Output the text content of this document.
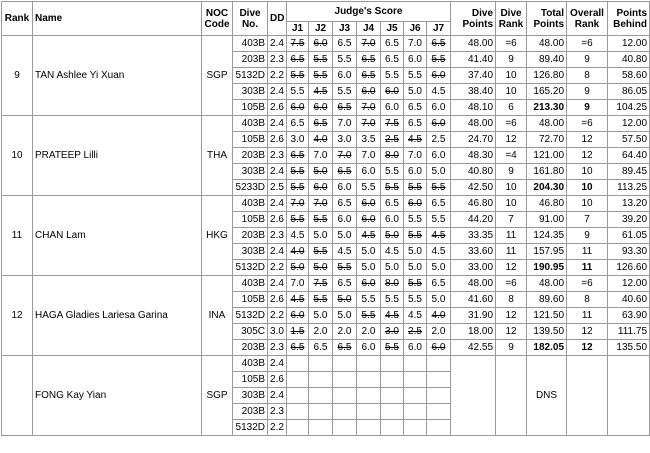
Rank	Name	NOC Code	Dive No.	DD	Judge's Score							Dive Points	Dive Rank	Total Points	Overall Rank	Points Behind
					J1	J2	J3	J4	J5	J6	J7					
9	TAN Ashlee Yi Xuan	SGP	403B	2.4	7.5	6.0	6.5	7.0	6.5	7.0	6.5	48.00	=6	48.00	=6	12.00
			203B	2.3	6.5	5.5	5.5	6.5	6.5	6.0	5.5	41.40	9	89.40	9	40.80
			5132D	2.2	5.5	5.5	6.0	6.5	5.5	5.5	6.0	37.40	10	126.80	8	58.60
			303B	2.4	5.5	4.5	5.5	6.0	6.0	5.0	4.5	38.40	10	165.20	9	86.05
			105B	2.6	6.0	6.0	6.5	7.0	6.0	6.5	6.0	48.10	6	213.30	9	104.25
10	PRATEEP Lilli	THA	403B	2.4	6.5	6.5	7.0	7.0	7.5	6.5	6.0	48.00	=6	48.00	=6	12.00
			105B	2.6	3.0	4.0	3.0	3.5	2.5	4.5	2.5	24.70	12	72.70	12	57.50
			203B	2.3	6.5	7.0	7.0	7.0	8.0	7.0	6.0	48.30	=4	121.00	12	64.40
			303B	2.4	5.5	5.0	6.5	6.0	5.5	6.0	5.0	40.80	9	161.80	10	89.45
			5233D	2.5	5.5	6.0	6.0	5.5	5.5	5.5	5.5	42.50	10	204.30	10	113.25
11	CHAN Lam	HKG	403B	2.4	7.0	7.0	6.5	6.0	6.5	6.0	6.5	46.80	10	46.80	10	13.20
			105B	2.6	5.5	5.5	6.0	6.0	6.0	5.5	5.5	44.20	7	91.00	7	39.20
			203B	2.3	4.5	5.0	5.0	4.5	5.0	5.5	4.5	33.35	11	124.35	9	61.05
			303B	2.4	4.0	5.5	4.5	5.0	4.5	5.0	4.5	33.60	11	157.95	11	93.30
			5132D	2.2	5.0	5.0	5.5	5.0	5.0	5.0	5.0	33.00	12	190.95	11	126.60
12	HAGA Gladies Lariesa Garina	INA	403B	2.4	7.0	7.5	6.5	6.0	8.0	5.5	6.5	48.00	=6	48.00	=6	12.00
			105B	2.6	4.5	5.5	5.0	5.5	5.5	5.5	5.0	41.60	8	89.60	8	40.60
			5132D	2.2	6.0	5.0	5.0	5.5	4.5	4.5	4.0	31.90	12	121.50	11	63.90
			305C	3.0	1.5	2.0	2.0	2.0	3.0	2.5	2.0	18.00	12	139.50	12	111.75
			203B	2.3	6.5	6.5	6.5	6.0	5.5	6.0	6.0	42.55	9	182.05	12	135.50
	FONG Kay Yian	SGP	403B	2.4										DNS		
			105B	2.6												
			303B	2.4												
			203B	2.3												
			5132D	2.2												
